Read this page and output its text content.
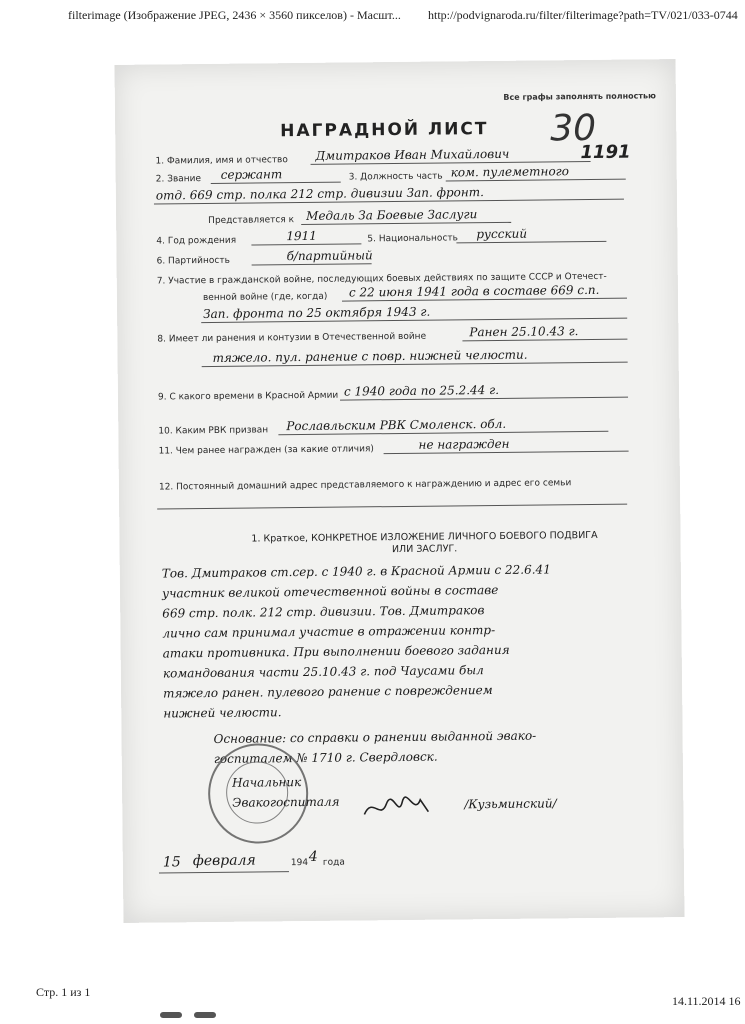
filterimage (Изображение JPEG, 2436 × 3560 пикселов) - Масшт... http://podvignaroda.ru/filter/filterimage?path=TV/021/033-0744
Все графы заполнять полностью
НАГРАДНОЙ ЛИСТ 30
1191
1. Фамилия, имя и отчество Дмитраков Иван Михайлович
2. Звание сержант	3. Должность часть ком. пулеметного
отд. 669 стр. полка 212 стр. дивизии Зап. фронт.
Представляется к Медаль За Боевые Заслуги
4. Год рождения	1911	5. Национальность русский
6. Партийность	б/партийный
7. Участие в гражданской войне, последующих боевых действиях по защите СССР и Отечест-
венной войне (где, когда) с 22 июня 1941 года в составе 669 с.п.
Зап. фронта по 25 октября 1943 г.
8. Имеет ли ранения и контузии в Отечественной войне	Ранен 25.10.43 г.
тяжело. пул. ранение с повр. нижней челюсти.
9. С какого времени в Красной Армии с 1940 года по 25.2.44 г.
10. Каким РВК призван Рославльским РВК Смоленск. обл.
11. Чем ранее награжден (за какие отличия)	не награжден
12. Постоянный домашний адрес представляемого к награждению и адрес его семьи
1. Краткое, КОНКРЕТНОЕ ИЗЛОЖЕНИЕ ЛИЧНОГО БОЕВОГО ПОДВИГА
ИЛИ ЗАСЛУГ.
Тов. Дмитраков ст.сер. с 1940 г. в Красной Армии с 22.6.41
участник великой отечественной войны в составе
669 стр. полк. 212 стр. дивизии. Тов. Дмитраков
лично сам принимал участие в отражении контр-
атаки противника. При выполнении боевого задания
командования части 25.10.43 г. под Чаусами был
тяжело ранен. пулевого ранение с повреждением
нижней челюсти.
Основание: со справки о ранении выданной эвако-
госпиталем № 1710 г. Свердловск.
Начальник
Эвакогоспиталя	/Кузьминский/
15 февраля	194 4 года
Стр. 1 из 1
14.11.2014 16
